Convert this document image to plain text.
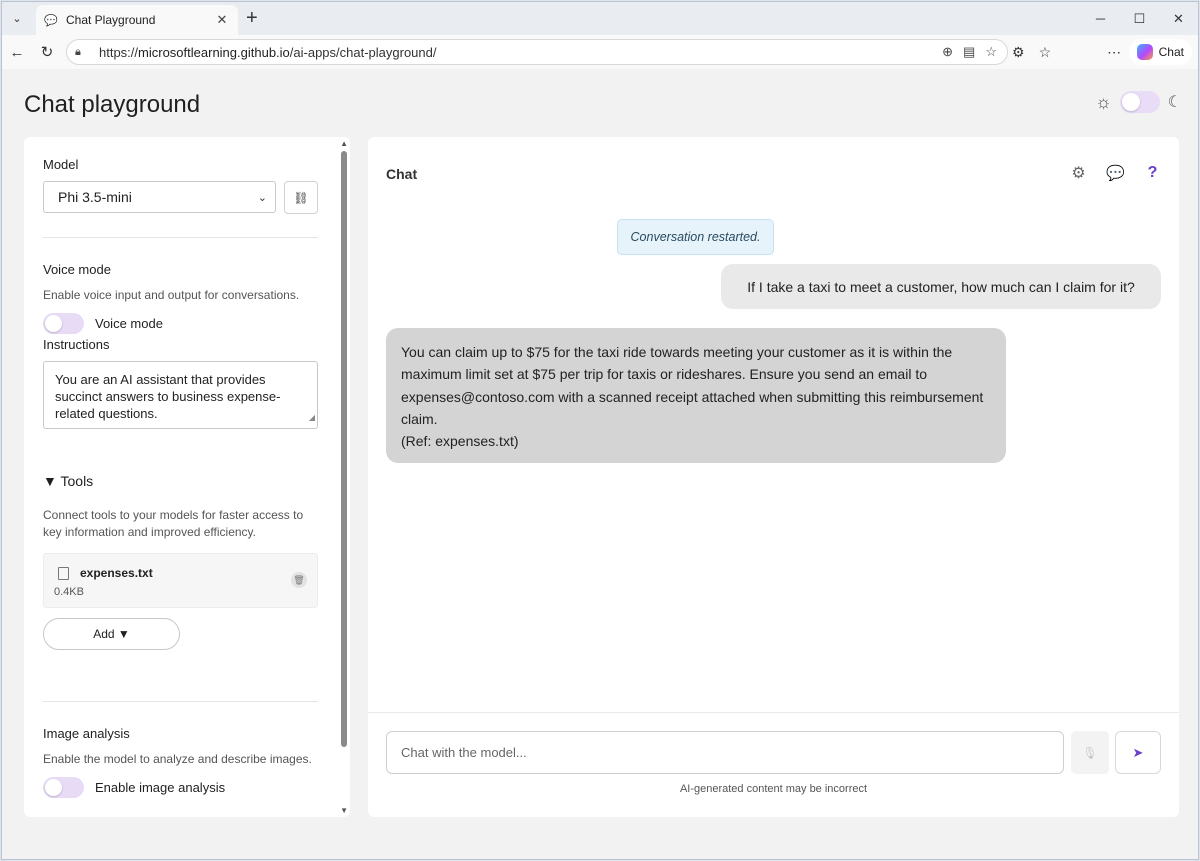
⌄	💬 Chat Playground	✕ +	─	☐	✕
←	↻	🔒︎	https:// microsoftlearning.github.io /ai-apps/chat-playground/	⊕ ▤ ☆ ⚙ ☆	⋯	Chat
Chat playground	☼	☾
Model
Phi 3.5-mini	⌄ ⛓
Voice mode
Enable voice input and output for conversations.
Voice mode
Instructions
You are an AI assistant that provides succinct answers to business expense-related questions.	◢
▼ Tools
Connect tools to your models for faster access to key information and improved efficiency.
expenses.txt
0.4KB
🗑
Add ▼
Image analysis
Enable the model to analyze and describe images.
Enable image analysis
▲
▼
Chat	⚙ 💬 ?
Conversation restarted.
If I take a taxi to meet a customer, how much can I claim for it?
You can claim up to $75 for the taxi ride towards meeting your customer as it is within the maximum limit set at $75 per trip for taxis or rideshares. Ensure you send an email to expenses@contoso.com with a scanned receipt attached when submitting this reimbursement claim.
(Ref: expenses.txt)
Chat with the model...	🎙	➤
AI-generated content may be incorrect
